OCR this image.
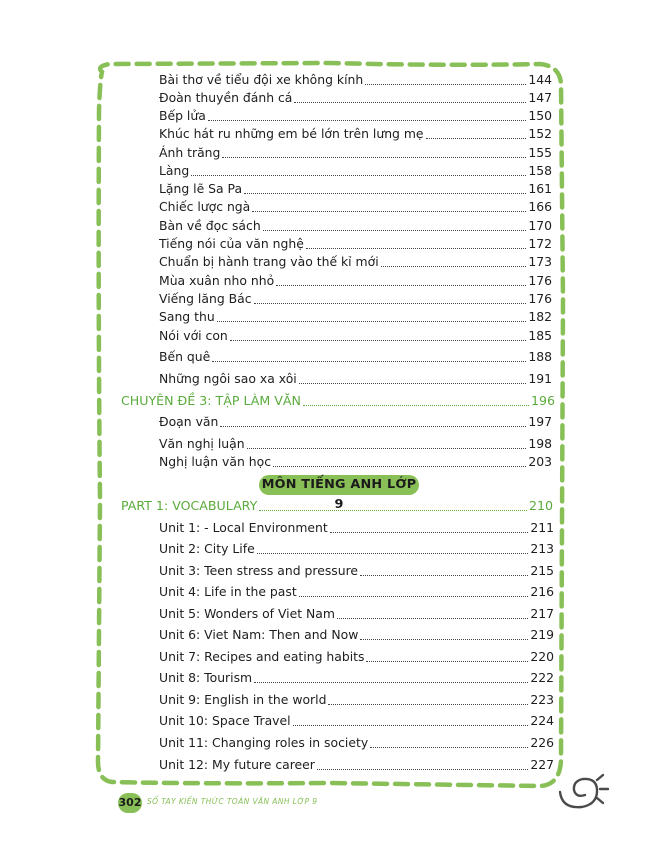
Bài thơ về tiểu đội xe không kính	144
Đoàn thuyền đánh cá	147
Bếp lửa	150
Khúc hát ru những em bé lớn trên lưng mẹ	152
Ánh trăng	155
Làng	158
Lặng lẽ Sa Pa	161
Chiếc lược ngà	166
Bàn về đọc sách	170
Tiếng nói của văn nghệ	172
Chuẩn bị hành trang vào thế kỉ mới	173
Mùa xuân nho nhỏ	176
Viếng lăng Bác	176
Sang thu	182
Nói với con	185
Bến quê	188
Những ngôi sao xa xôi	191
CHUYÊN ĐỀ 3: TẬP LÀM VĂN	196
Đoạn văn	197
Văn nghị luận	198
Nghị luận văn học	203
MÔN TIẾNG ANH LỚP 9
PART 1: VOCABULARY	210
Unit 1: - Local Environment	211
Unit 2: City Life	213
Unit 3: Teen stress and pressure	215
Unit 4: Life in the past	216
Unit 5: Wonders of Viet Nam	217
Unit 6: Viet Nam: Then and Now	219
Unit 7: Recipes and eating habits	220
Unit 8: Tourism	222
Unit 9: English in the world	223
Unit 10: Space Travel	224
Unit 11: Changing roles in society	226
Unit 12: My future career	227
302 SỔ TAY KIẾN THỨC TOÁN VĂN ANH LỚP 9
